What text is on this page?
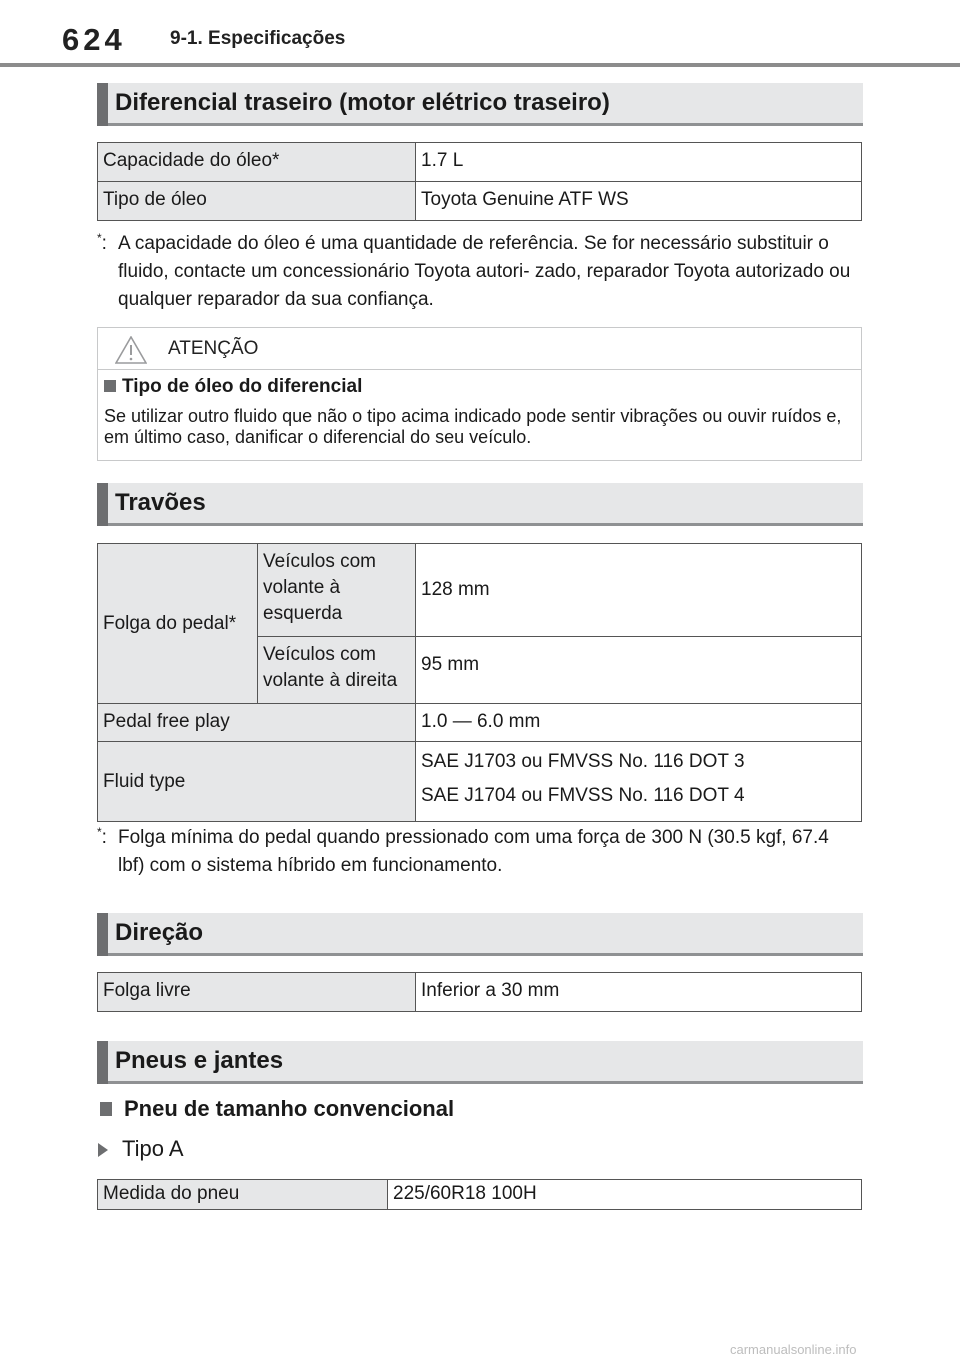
624 9-1. Especificações
Diferencial traseiro (motor elétrico traseiro)
Capacidade do óleo*	1.7 L
Tipo de óleo	Toyota Genuine ATF WS
*: A capacidade do óleo é uma quantidade de referência. Se for necessário substituir o fluido, contacte um concessionário Toyota autori- zado, reparador Toyota autorizado ou qualquer reparador da sua confiança.
ATENÇÃO
Tipo de óleo do diferencial
Se utilizar outro fluido que não o tipo acima indicado pode sentir vibrações ou ouvir ruídos e, em último caso, danificar o diferencial do seu veículo.
Travões
Folga do pedal*	Veículos com volante à esquerda	128 mm
	Veículos com volante à direita	95 mm
Pedal free play		1.0 — 6.0 mm
Fluid type		SAE J1703 ou FMVSS No. 116 DOT 3
SAE J1704 ou FMVSS No. 116 DOT 4
*: Folga mínima do pedal quando pressionado com uma força de 300 N (30.5 kgf, 67.4 lbf) com o sistema híbrido em funcionamento.
Direção
Folga livre	Inferior a 30 mm
Pneus e jantes
Pneu de tamanho convencional
Tipo A
Medida do pneu	225/60R18 100H
carmanualsonline.info
